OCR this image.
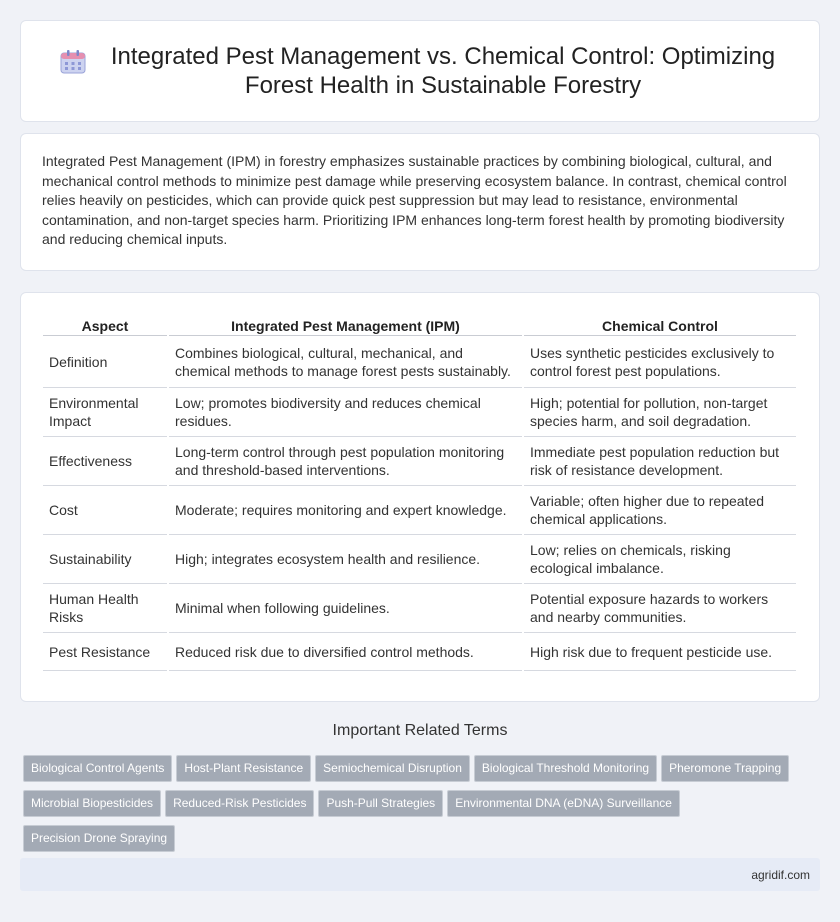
Integrated Pest Management vs. Chemical Control: Optimizing Forest Health in Sustainable Forestry

Integrated Pest Management (IPM) in forestry emphasizes sustainable practices by combining biological, cultural, and mechanical control methods to minimize pest damage while preserving ecosystem balance. In contrast, chemical control relies heavily on pesticides, which can provide quick pest suppression but may lead to resistance, environmental contamination, and non-target species harm. Prioritizing IPM enhances long-term forest health by promoting biodiversity and reducing chemical inputs.

Aspect	Integrated Pest Management (IPM)	Chemical Control
Definition	Combines biological, cultural, mechanical, and chemical methods to manage forest pests sustainably.	Uses synthetic pesticides exclusively to control forest pest populations.
Environmental Impact	Low; promotes biodiversity and reduces chemical residues.	High; potential for pollution, non-target species harm, and soil degradation.
Effectiveness	Long-term control through pest population monitoring and threshold-based interventions.	Immediate pest population reduction but risk of resistance development.
Cost	Moderate; requires monitoring and expert knowledge.	Variable; often higher due to repeated chemical applications.
Sustainability	High; integrates ecosystem health and resilience.	Low; relies on chemicals, risking ecological imbalance.
Human Health Risks	Minimal when following guidelines.	Potential exposure hazards to workers and nearby communities.
Pest Resistance	Reduced risk due to diversified control methods.	High risk due to frequent pesticide use.
Important Related Terms
Biological Control Agents Host-Plant Resistance Semiochemical Disruption Biological Threshold Monitoring Pheromone TrappingMicrobial Biopesticides Reduced-Risk Pesticides Push-Pull Strategies Environmental DNA (eDNA) SurveillancePrecision Drone Spraying
agridif.com
